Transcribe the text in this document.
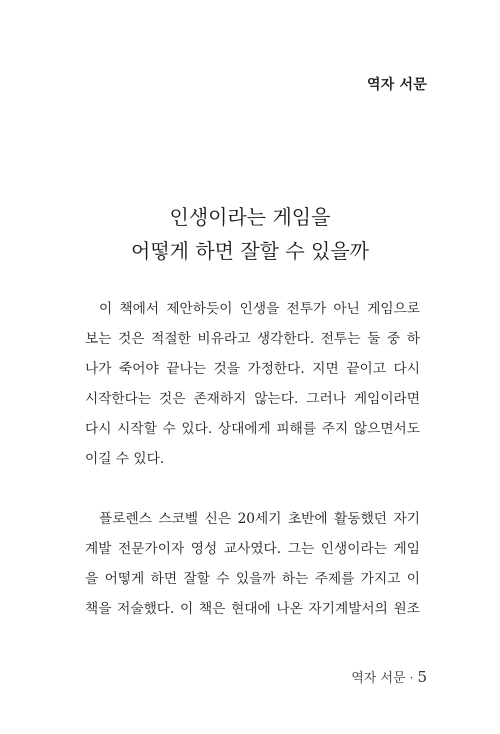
역자 서문
인생이라는 게임을
어떻게 하면 잘할 수 있을까
이 책에서 제안하듯이 인생을 전투가 아닌 게임으로
보는 것은 적절한 비유라고 생각한다. 전투는 둘 중 하
나가 죽어야 끝나는 것을 가정한다. 지면 끝이고 다시
시작한다는 것은 존재하지 않는다. 그러나 게임이라면
다시 시작할 수 있다. 상대에게 피해를 주지 않으면서도
이길 수 있다.
플로렌스 스코벨 신은 20세기 초반에 활동했던 자기
계발 전문가이자 영성 교사였다. 그는 인생이라는 게임
을 어떻게 하면 잘할 수 있을까 하는 주제를 가지고 이
책을 저술했다. 이 책은 현대에 나온 자기계발서의 원조
역자 서문 · 5
